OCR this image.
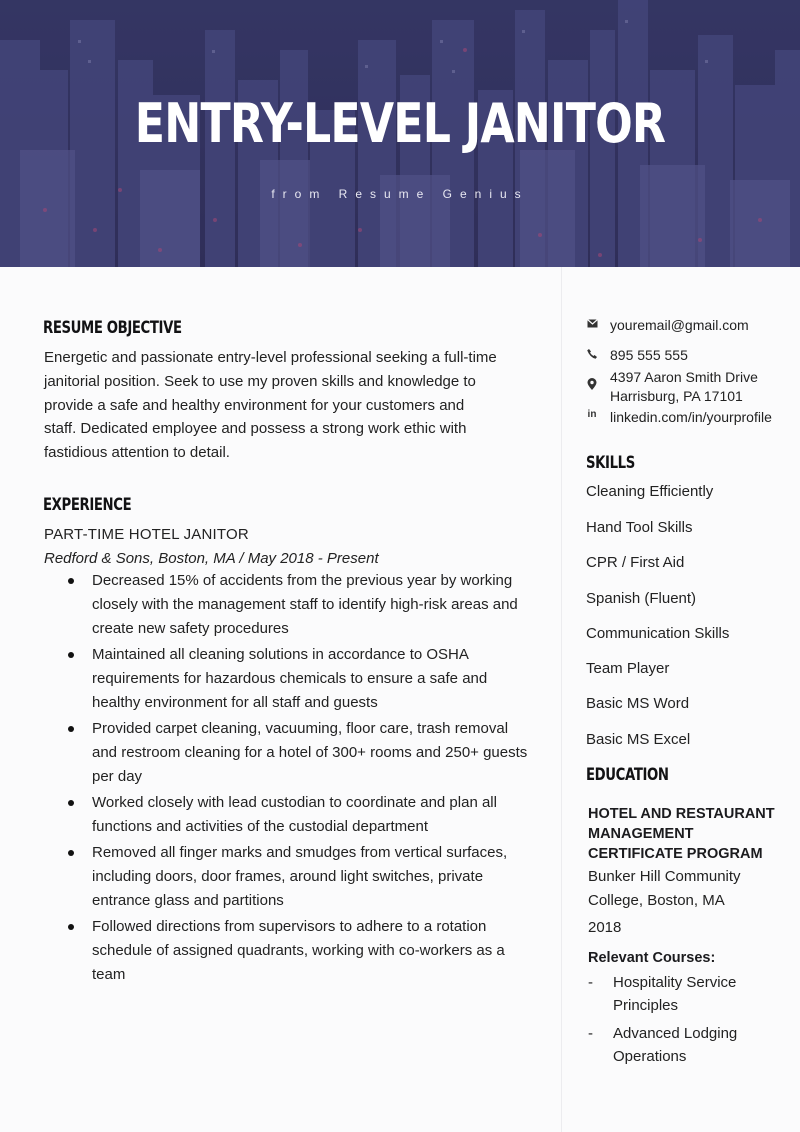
ENTRY-LEVEL JANITOR
from Resume Genius
RESUME OBJECTIVE

Energetic and passionate entry-level professional seeking a full-time

janitorial position. Seek to use my proven skills and knowledge to

provide a safe and healthy environment for your customers and

staff. Dedicated employee and possess a strong work ethic with

fastidious attention to detail.

EXPERIENCE
PART-TIME HOTEL JANITOR
Redford & Sons, Boston, MA / May 2018 - Present
Decreased 15% of accidents from the previous year by working
closely with the management staff to identify high-risk areas and
create new safety procedures
Maintained all cleaning solutions in accordance to OSHA
requirements for hazardous chemicals to ensure a safe and
healthy environment for all staff and guests
Provided carpet cleaning, vacuuming, floor care, trash removal
and restroom cleaning for a hotel of 300+ rooms and 250+ guests
per day
Worked closely with lead custodian to coordinate and plan all
functions and activities of the custodial department
Removed all finger marks and smudges from vertical surfaces,
including doors, door frames, around light switches, private
entrance glass and partitions
Followed directions from supervisors to adhere to a rotation
schedule of assigned quadrants, working with co-workers as a
team
youremail@gmail.com
895 555 555
4397 Aaron Smith Drive
Harrisburg, PA 17101
in linkedin.com/in/yourprofile
SKILLS
Cleaning Efficiently
Hand Tool Skills
CPR / First Aid
Spanish (Fluent)
Communication Skills
Team Player
Basic MS Word
Basic MS Excel
EDUCATION
HOTEL AND RESTAURANT
MANAGEMENT
CERTIFICATE PROGRAM
Bunker Hill Community
College, Boston, MA
2018
Relevant Courses:
- Hospitality Service
Principles
- Advanced Lodging
Operations
